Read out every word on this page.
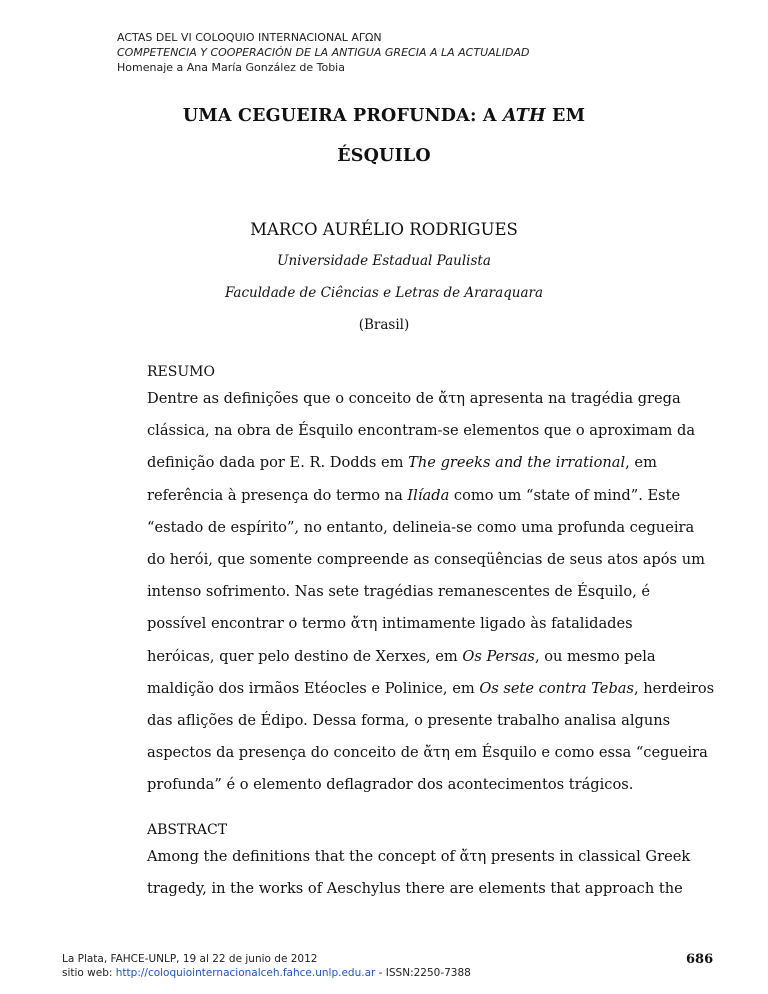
ACTAS DEL VI COLOQUIO INTERNACIONAL ΑΓΩΝ
COMPETENCIA Y COOPERACIÓN DE LA ANTIGUA GRECIA A LA ACTUALIDAD
Homenaje a Ana María González de Tobia
UMA CEGUEIRA PROFUNDA: A ATH EM
ÉSQUILO
MARCO AURÉLIO RODRIGUES
Universidade Estadual Paulista
Faculdade de Ciências e Letras de Araraquara
(Brasil)
RESUMO
Dentre as definições que o conceito de ἄτη apresenta na tragédia grega
clássica, na obra de Ésquilo encontram-se elementos que o aproximam da
definição dada por E. R. Dodds em The greeks and the irrational, em
referência à presença do termo na Ilíada como um “state of mind”. Este
“estado de espírito”, no entanto, delineia-se como uma profunda cegueira
do herói, que somente compreende as conseqüências de seus atos após um
intenso sofrimento. Nas sete tragédias remanescentes de Ésquilo, é
possível encontrar o termo ἄτη intimamente ligado às fatalidades
heróicas, quer pelo destino de Xerxes, em Os Persas, ou mesmo pela
maldição dos irmãos Etéocles e Polinice, em Os sete contra Tebas, herdeiros
das aflições de Édipo. Dessa forma, o presente trabalho analisa alguns
aspectos da presença do conceito de ἄτη em Ésquilo e como essa “cegueira
profunda” é o elemento deflagrador dos acontecimentos trágicos.
ABSTRACT
Among the definitions that the concept of ἄτη presents in classical Greek
tragedy, in the works of Aeschylus there are elements that approach the
La Plata, FAHCE-UNLP, 19 al 22 de junio de 2012
sitio web: http://coloquiointernacionalceh.fahce.unlp.edu.ar - ISSN:2250-7388
686
